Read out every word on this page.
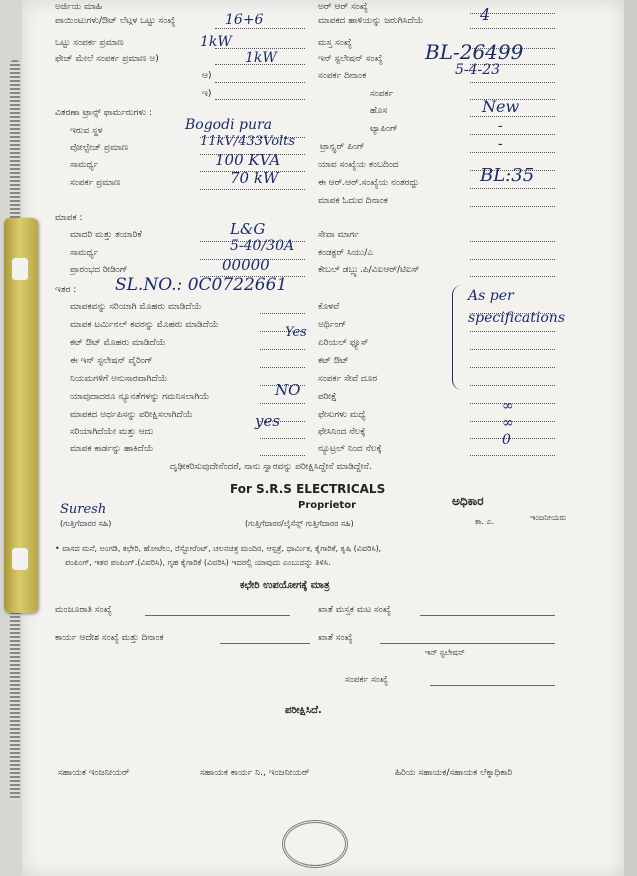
ಅರ್ಜಿಯ ಮಾಹಿ
ಪಾಯಿಂಟುಗಳು/ಔಟ್ ಲೆಟ್ಗಳ ಒಟ್ಟು ಸಂಖ್ಯೆ
ಒಟ್ಟು ಸಂಪರ್ಕ ಪ್ರಮಾಣ
ಫೇಜ್ ಮೇಲೆ ಸಂಪರ್ಕ ಪ್ರಮಾಣ ಅ)
ಆ)
ಇ)
ಅರ್ ಆರ್ ಸಂಖ್ಯೆ
ಮಾಪಕದ ಹಾಳಿಯನ್ನು ಜರುಗಿಸಿದೆಯೆ
ಮಸ್ತ ಸಂಖ್ಯೆ
ಇನ್ ಸ್ಟಲೇಷನ್ ಸಂಖ್ಯೆ
ಸಂಪರ್ಕ ದಿನಾಂಕ
ಸಂಪರ್ಕ
ಹೊಸ
ಟ್ಯಾಪಿಂಗ್
ಟ್ರಾನ್ಸ್ಫರ್ ಪಿಂಗ್
ಯಾವ ಸಂಖ್ಯೆಯ ಕಂಬದಿಂದ
ಈ ಆರ್.ಆರ್.ಸಂಖ್ಯೆಯ ನಂತರದ್ದು
ಮಾಪಕ ಓದುವ ದಿನಾಂಕ
ವಿತರಣಾ ಟ್ರಾನ್ಸ್ ಫಾರ್ಮರುಗಳು :
ಇರುವ ಸ್ಥಳ
ವೋಲ್ಟೇಜ್ ಪ್ರಮಾಣ
ಸಾಮರ್ಥ್ಯ
ಸಂಪರ್ಕ ಪ್ರಮಾಣ
ಮಾಪಕ :
ಮಾದರಿ ಮತ್ತು ತಯಾರಿಕೆ
ಸಾಮರ್ಥ್ಯ
ಪ್ರಾರಂಭದ ರೀಡಿಂಗ್
ಸೇವಾ ಮಾರ್ಗ
ಕಂಡಕ್ಟರ್ ಸಿಯು/ಎ
ಕೇಬಲ್ ಡಬ್ಲ್ಯು.ಪಿ/ವಿಐಆರ್/ಟಿಐಸ್
ಇತರ :
ಮಾಪಕವನ್ನು ಸರಿಯಾಗಿ ಮೊಹರು ಮಾಡಿದೆಯೆ
ಮಾಪಕ ಟರ್ಮಿನಲ್ ಕವರನ್ನು ಮೊಹರು ಮಾಡಿದೆಯೆ
ಕಟ್ ಔಟ್ ಮೊಹರು ಮಾಡಿದೆಯೆ
ಈ ಇನ್ ಸ್ಟಲೇಷನ್ ವೈರಿಂಗ್
ನಿಯಮಗಳಿಗೆ ಅನುಸಾರವಾಗಿದೆಯೆ
ಯಾವುದಾದರೂ ನ್ಯೂನತೆಗಳನ್ನು ಗಮನಿಸಲಾಗಿಯೆ
ಮಾಪಕದ ಅರ್ಥಪಿಸನ್ನು ಪರೀಕ್ಷಿಸಲಾಗಿದೆಯೆ
ಸರಿಯಾಗಿದೆಯೇ ಮತ್ತು ಆದು
ಮಾಪಕ ಕಾರ್ಡನ್ನು ಹಾಕಿದೆಯೆ
ಕೊಳವೆ
ಅರ್ಥಿಂಗ್
ಏರಿಯಲ್ ಫ್ಯೂಸ್
ಕಟ್ ಔಟ್
ಸಂಪರ್ಕ ಸೇವೆ ದೂರ
ಪರೀಕ್ಷೆ
ಫೇಸುಗಳು ಮಧ್ಯೆ
ಫೇಸಿನಿಂದ ನೆಲಕ್ಕೆ
ನ್ಯೂಟ್ರಲ್ ನಿಂದ ನೆಲಕ್ಕೆ
ದೃಢೀಕರಿಸುವುದೇನೆಂದರೆ, ನಾನು ಸ್ವಾರವನ್ನು ಪರೀಕ್ಷಿಸಿದ್ದೇನೆ ಮಾಡಿದ್ದೇನೆ.
For S.R.S ELECTRICALS
Proprietor
(ಗುತ್ತಿಗೆದಾರರ/ಲೈಸೆನ್ಸ್ ಗುತ್ತಿಗೆದಾರರ ಸಹಿ)
(ಗುತ್ತಿಗೆದಾರರ ಸಹಿ)
ಅಧಿಕಾರ
ಇಂಜನೀಯರು
ಕಾ. ಎ.
• ವಾಸದ ಮನೆ, ಅಂಗಡಿ, ಕಛೇರಿ, ಹೋಟೆಲು, ರೆಸ್ಟೋರೆಂಟ್, ಚಲನಚಿತ್ರ ಮಂದಿರ, ಆಸ್ಪತ್ರೆ, ಧಾರ್ಮಿಕ, ಕೈಗಾರಿಕೆ, ಕೃಷಿ (ವಿವರಿಸಿ),
ಪಂಪಿಂಗ್, ಇತರ ಪಂಪಿಂಗ್.(ವಿವರಿಸಿ), ಗೃಹ ಕೈಗಾರಿಕೆ (ವಿವರಿಸಿ) ಇದರಲ್ಲಿ ಯಾವುದು ಎಂಬುದನ್ನು ತಿಳಿಸಿ.
ಕಛೇರಿ ಉಪಯೋಗಕ್ಕೆ ಮಾತ್ರ
ಮಂಜೂರಾತಿ ಸಂಖ್ಯೆ
ಕಾರ್ಯ ಆದೇಶ ಸಂಖ್ಯೆ ಮತ್ತು ದಿನಾಂಕ
ಖಾತೆ ಮಸ್ತಕ ಮಟ ಸಂಖ್ಯೆ
ಖಾತೆ ಸಂಖ್ಯೆ
ಇನ್ ಸ್ಟಲೇಷನ್
ಸಂಪರ್ಕ ಸಂಖ್ಯೆ
ಪರೀಕ್ಷಿಸಿದೆ.
ಸಹಾಯಕ ಇಂಜನೀಯರ್	ಸಹಾಯಕ ಕಾರ್ಯ ನಿ., ಇಂಜನೀಯರ್	ಹಿರಿಯ ಸಹಾಯಕ/ಸಹಾಯಕ ಲೆಕ್ಕಾಧಿಕಾರಿ
16+6
1kW
1kW
4
BL-26499
5-4-23
Bogodi pura
11kV/433Volts
100 KVA
70 kW
New
-
-
BL:35
L&G
5-40/30A
00000
SL.NO.: 0C0722661
Yes
NO
yes
As per specifications
∞
∞
0
Suresh
